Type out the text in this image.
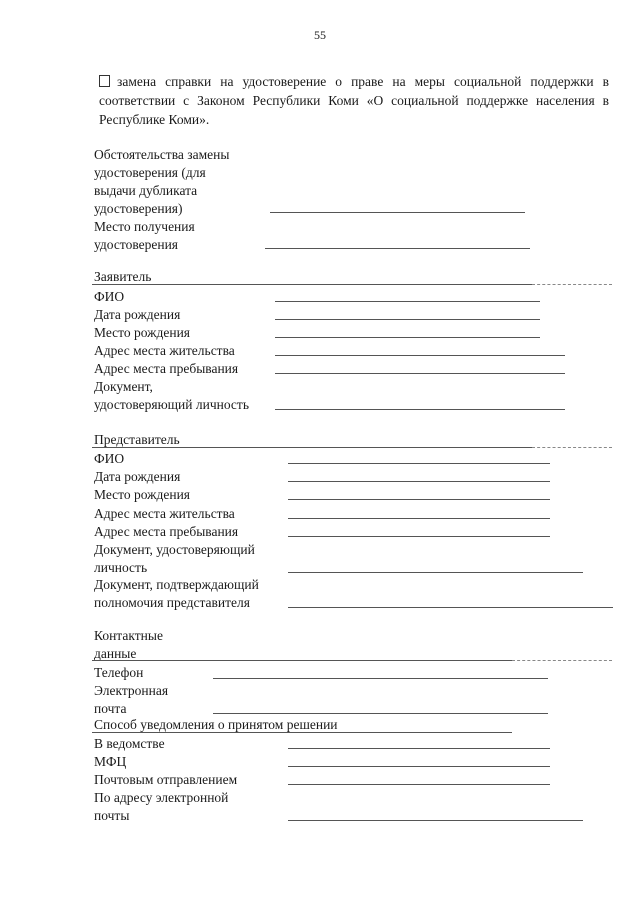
55
замена справки на удостоверение о праве на меры социальной поддержки в соответствии с Законом Республики Коми «О социальной поддержке населения в Республике Коми».
Обстоятельства замены
удостоверения (для
выдачи дубликата
удостоверения)
Место получения
удостоверения
Заявитель
ФИО
Дата рождения
Место рождения
Адрес места жительства
Адрес места пребывания
Документ,
удостоверяющий личность
Представитель
ФИО
Дата рождения
Место рождения
Адрес места жительства
Адрес места пребывания
Документ, удостоверяющий
личность
Документ, подтверждающий
полномочия представителя
Контактные
данные
Телефон
Электронная
почта
Способ уведомления о принятом решении
В ведомстве
МФЦ
Почтовым отправлением
По адресу электронной
почты
